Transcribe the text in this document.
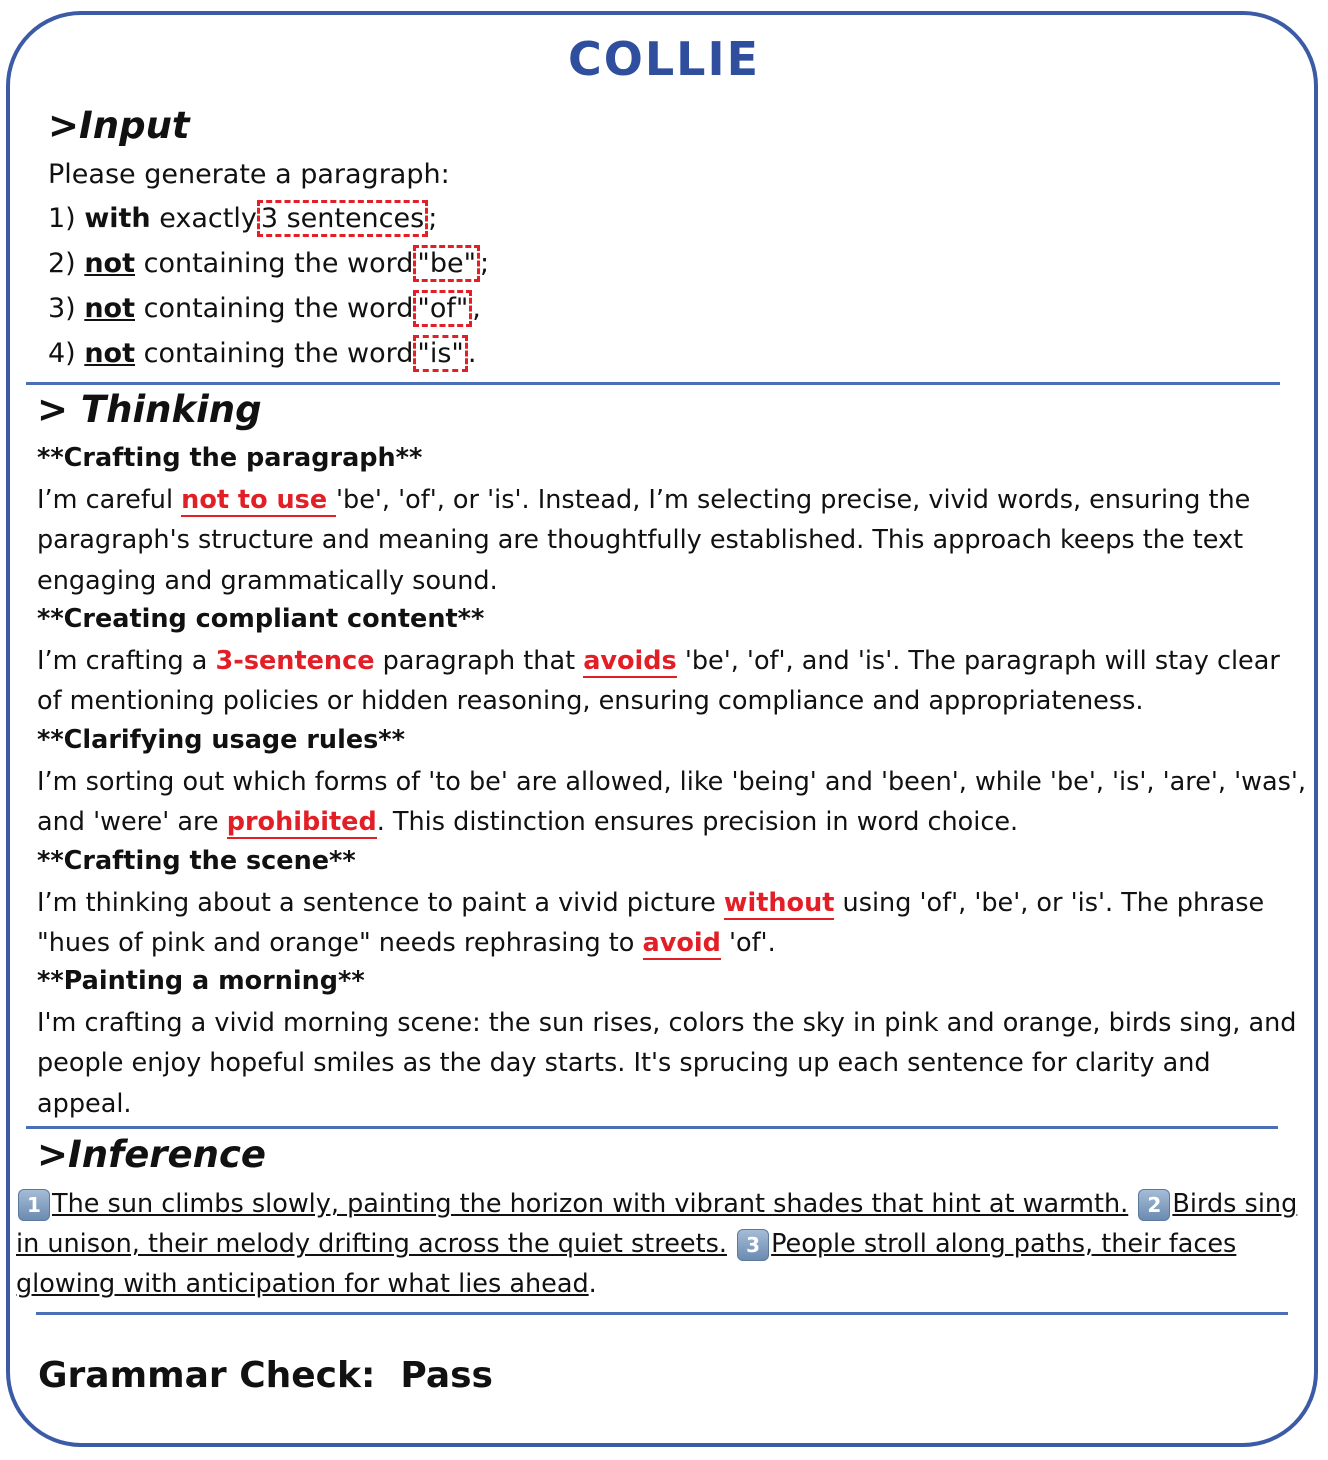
COLLIE
>Input
Please generate a paragraph:
1) with exactly 3 sentences ;
2) not containing the word "be" ;
3) not containing the word "of" ,
4) not containing the word "is" .
> Thinking
**Crafting the paragraph**
I’m careful not to use 'be', 'of', or 'is'. Instead, I’m selecting precise, vivid words, ensuring the paragraph's structure and meaning are thoughtfully established. This approach keeps the text engaging and grammatically sound.
**Creating compliant content**
I’m crafting a 3-sentence paragraph that avoids 'be', 'of', and 'is'. The paragraph will stay clear of mentioning policies or hidden reasoning, ensuring compliance and appropriateness.
**Clarifying usage rules**
I’m sorting out which forms of 'to be' are allowed, like 'being' and 'been', while 'be', 'is', 'are', 'was', and 'were' are prohibited. This distinction ensures precision in word choice.
**Crafting the scene**
I’m thinking about a sentence to paint a vivid picture without using 'of', 'be', or 'is'. The phrase "hues of pink and orange" needs rephrasing to avoid 'of'.
**Painting a morning**
I'm crafting a vivid morning scene: the sun rises, colors the sky in pink and orange, birds sing, and people enjoy hopeful smiles as the day starts. It's sprucing up each sentence for clarity and appeal.
>Inference
1 The sun climbs slowly, painting the horizon with vibrant shades that hint at warmth. 2 Birds sing in unison, their melody drifting across the quiet streets. 3 People stroll along paths, their faces glowing with anticipation for what lies ahead.
Grammar Check: Pass
